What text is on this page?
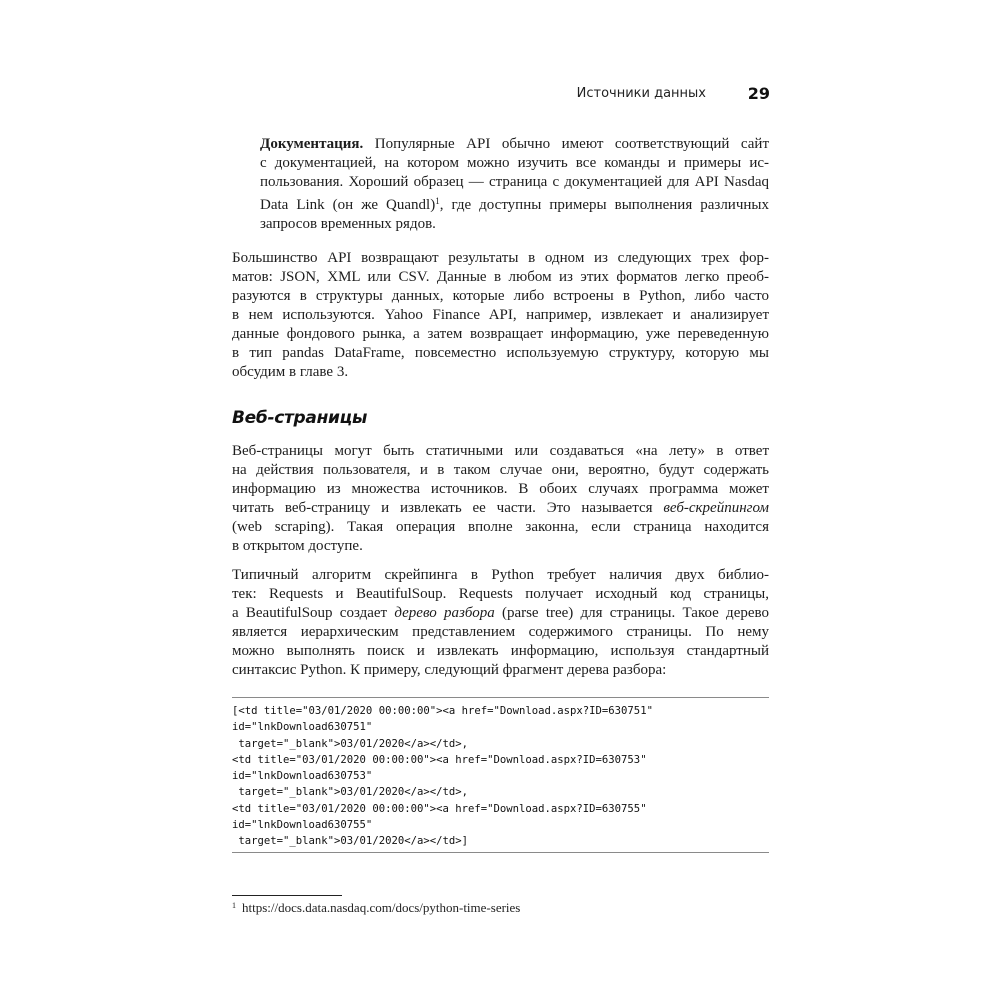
Источники данных	29
Документация. Популярные API обычно имеют соответствующий сайт
с документацией, на котором можно изучить все команды и примеры ис-
пользования. Хороший образец — страница с документацией для API Nasdaq
Data Link (он же Quandl)$^1$, где доступны примеры выполнения различных
запросов временных рядов.
Большинство API возвращают результаты в одном из следующих трех фор-
матов: JSON, XML или CSV. Данные в любом из этих форматов легко преоб-
разуются в структуры данных, которые либо встроены в Python, либо часто
в нем используются. Yahoo Finance API, например, извлекает и анализирует
данные фондового рынка, а затем возвращает информацию, уже переведенную
в тип pandas DataFrame, повсеместно используемую структуру, которую мы
обсудим в главе 3.
Веб-страницы
Веб-страницы могут быть статичными или создаваться «на лету» в ответ
на действия пользователя, и в таком случае они, вероятно, будут содержать
информацию из множества источников. В обоих случаях программа может
читать веб-страницу и извлекать ее части. Это называется веб-скрейпингом
(web scraping). Такая операция вполне законна, если страница находится
в открытом доступе.
Типичный алгоритм скрейпинга в Python требует наличия двух библио-
тек: Requests и BeautifulSoup. Requests получает исходный код страницы,
а BeautifulSoup создает дерево разбора (parse tree) для страницы. Такое дерево
является иерархическим представлением содержимого страницы. По нему
можно выполнять поиск и извлекать информацию, используя стандартный
синтаксис Python. К примеру, следующий фрагмент дерева разбора:
[<td title="03/01/2020 00:00:00"><a href="Download.aspx?ID=630751"
id="lnkDownload630751"
target="_blank">03/01/2020</a></td>,
<td title="03/01/2020 00:00:00"><a href="Download.aspx?ID=630753"
id="lnkDownload630753"
target="_blank">03/01/2020</a></td>,
<td title="03/01/2020 00:00:00"><a href="Download.aspx?ID=630755"
id="lnkDownload630755"
target="_blank">03/01/2020</a></td>]
$^1$ https://docs.data.nasdaq.com/docs/python-time-series
